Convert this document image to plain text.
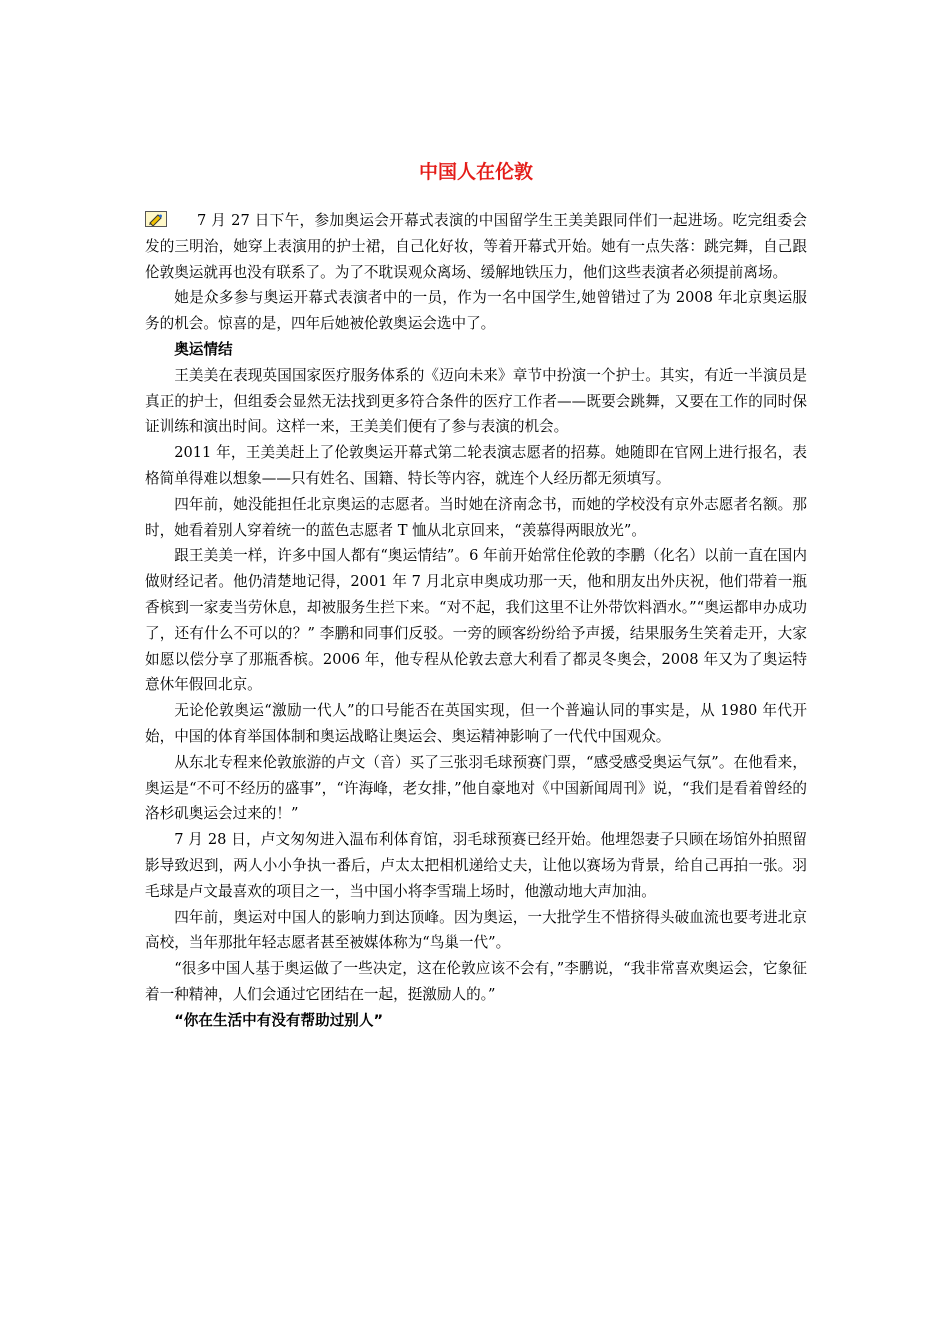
中国人在伦敦

7 月 27 日下午，参加奥运会开幕式表演的中国留学生王美美跟同伴们一起进场。吃完组委会发的三明治，她穿上表演用的护士裙，自己化好妆，等着开幕式开始。她有一点失落：跳完舞，自己跟伦敦奥运就再也没有联系了。为了不耽误观众离场、缓解地铁压力，他们这些表演者必须提前离场。

她是众多参与奥运开幕式表演者中的一员，作为一名中国学生,她曾错过了为 2008 年北京奥运服务的机会。惊喜的是，四年后她被伦敦奥运会选中了。

奥运情结

王美美在表现英国国家医疗服务体系的《迈向未来》章节中扮演一个护士。其实，有近一半演员是真正的护士，但组委会显然无法找到更多符合条件的医疗工作者——既要会跳舞，又要在工作的同时保证训练和演出时间。这样一来，王美美们便有了参与表演的机会。

2011 年，王美美赶上了伦敦奥运开幕式第二轮表演志愿者的招募。她随即在官网上进行报名，表格简单得难以想象——只有姓名、国籍、特长等内容，就连个人经历都无须填写。

四年前，她没能担任北京奥运的志愿者。当时她在济南念书，而她的学校没有京外志愿者名额。那时，她看着别人穿着统一的蓝色志愿者 T 恤从北京回来，“羡慕得两眼放光”。

跟王美美一样，许多中国人都有“奥运情结”。6 年前开始常住伦敦的李鹏（化名）以前一直在国内做财经记者。他仍清楚地记得，2001 年 7 月北京申奥成功那一天，他和朋友出外庆祝，他们带着一瓶香槟到一家麦当劳休息，却被服务生拦下来。“对不起，我们这里不让外带饮料酒水。”“奥运都申办成功了，还有什么不可以的？” 李鹏和同事们反驳。一旁的顾客纷纷给予声援，结果服务生笑着走开，大家如愿以偿分享了那瓶香槟。2006 年，他专程从伦敦去意大利看了都灵冬奥会，2008 年又为了奥运特意休年假回北京。

无论伦敦奥运“激励一代人”的口号能否在英国实现，但一个普遍认同的事实是，从 1980 年代开始，中国的体育举国体制和奥运战略让奥运会、奥运精神影响了一代代中国观众。

从东北专程来伦敦旅游的卢文（音）买了三张羽毛球预赛门票，“感受感受奥运气氛”。在他看来，奥运是“不可不经历的盛事”，“许海峰，老女排，”他自豪地对《中国新闻周刊》说，“我们是看着曾经的洛杉矶奥运会过来的！”

7 月 28 日，卢文匆匆进入温布利体育馆，羽毛球预赛已经开始。他埋怨妻子只顾在场馆外拍照留影导致迟到，两人小小争执一番后，卢太太把相机递给丈夫，让他以赛场为背景，给自己再拍一张。羽毛球是卢文最喜欢的项目之一，当中国小将李雪瑞上场时，他激动地大声加油。

四年前，奥运对中国人的影响力到达顶峰。因为奥运，一大批学生不惜挤得头破血流也要考进北京高校，当年那批年轻志愿者甚至被媒体称为“鸟巢一代”。

“很多中国人基于奥运做了一些决定，这在伦敦应该不会有，”李鹏说，“我非常喜欢奥运会，它象征着一种精神，人们会通过它团结在一起，挺激励人的。”

“你在生活中有没有帮助过别人”
